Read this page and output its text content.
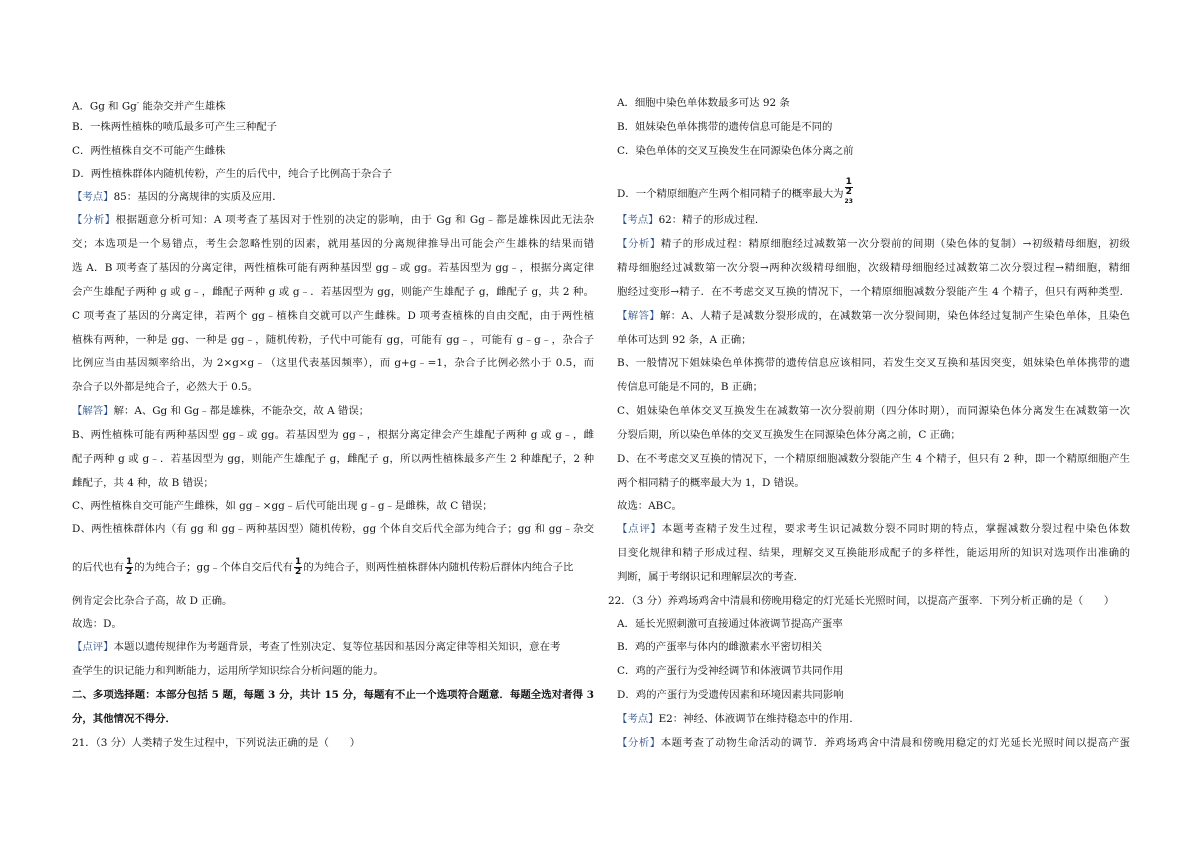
A．Gg 和 Gg- 能杂交并产生雄株
B．一株两性植株的喷瓜最多可产生三种配子
C．两性植株自交不可能产生雌株
D．两性植株群体内随机传粉，产生的后代中，纯合子比例高于杂合子
【考点】85：基因的分离规律的实质及应用．
【分析】根据题意分析可知：A 项考查了基因对于性别的决定的影响，由于 Gg 和 Gg﹣都是雄株因此无法杂
交；本选项是一个易错点，考生会忽略性别的因素，就用基因的分离规律推导出可能会产生雄株的结果而错
选 A．B 项考查了基因的分离定律，两性植株可能有两种基因型 gg﹣或 gg。若基因型为 gg﹣，根据分离定律
会产生雄配子两种 g 或 g﹣，雌配子两种 g 或 g﹣．若基因型为 gg，则能产生雄配子 g，雌配子 g，共 2 种。
C 项考查了基因的分离定律，若两个 gg﹣植株自交就可以产生雌株。D 项考查植株的自由交配，由于两性植
植株有两种，一种是 gg、一种是 gg﹣，随机传粉，子代中可能有 gg，可能有 gg﹣，可能有 g﹣g﹣，杂合子
比例应当由基因频率给出，为 2×g×g﹣（这里代表基因频率），而 g+g﹣=1，杂合子比例必然小于 0.5，而
杂合子以外都是纯合子，必然大于 0.5。
【解答】解：A、Gg 和 Gg﹣都是雄株，不能杂交，故 A 错误；
B、两性植株可能有两种基因型 gg﹣或 gg。若基因型为 gg﹣，根据分离定律会产生雄配子两种 g 或 g﹣，雌
配子两种 g 或 g﹣．若基因型为 gg，则能产生雄配子 g，雌配子 g，所以两性植株最多产生 2 种雄配子，2 种
雌配子，共 4 种，故 B 错误；
C、两性植株自交可能产生雌株，如 gg﹣×gg﹣后代可能出现 g﹣g﹣是雌株，故 C 错误；
D、两性植株群体内（有 gg 和 gg﹣两种基因型）随机传粉，gg 个体自交后代全部为纯合子；gg 和 gg﹣杂交
的后代也有 $\frac{1}{2}$ 的为纯合子；gg﹣个体自交后代有 $\frac{1}{2}$ 的为纯合子，则两性植株群体内随机传粉后群体内纯合子比
例肯定会比杂合子高，故 D 正确。
故选：D。
【点评】本题以遗传规律作为考题背景，考查了性别决定、复等位基因和基因分离定律等相关知识，意在考
查学生的识记能力和判断能力，运用所学知识综合分析问题的能力。
二、多项选择题：本部分包括 5 题，每题 3 分，共计 15 分，每题有不止一个选项符合题意．每题全选对者得 3
分，其他情况不得分．
21．（3 分）人类精子发生过程中，下列说法正确的是（　　）
A．细胞中染色单体数最多可达 92 条
B．姐妹染色单体携带的遗传信息可能是不同的
C．染色单体的交叉互换发生在同源染色体分离之前
D．一个精原细胞产生两个相同精子的概率最大为 1
2
$^{23}$
【考点】62：精子的形成过程．
【分析】精子的形成过程：精原细胞经过减数第一次分裂前的间期（染色体的复制）→初级精母细胞，初级
精母细胞经过减数第一次分裂→两种次级精母细胞，次级精母细胞经过减数第二次分裂过程→精细胞，精细
胞经过变形→精子．在不考虑交叉互换的情况下，一个精原细胞减数分裂能产生 4 个精子，但只有两种类型．
【解答】解：A、人精子是减数分裂形成的，在减数第一次分裂间期，染色体经过复制产生染色单体，且染色
单体可达到 92 条，A 正确；
B、一般情况下姐妹染色单体携带的遗传信息应该相同，若发生交叉互换和基因突变，姐妹染色单体携带的遗
传信息可能是不同的，B 正确；
C、姐妹染色单体交叉互换发生在减数第一次分裂前期（四分体时期），而同源染色体分离发生在减数第一次
分裂后期，所以染色单体的交叉互换发生在同源染色体分离之前，C 正确；
D、在不考虑交叉互换的情况下，一个精原细胞减数分裂能产生 4 个精子，但只有 2 种，即一个精原细胞产生
两个相同精子的概率最大为 1，D 错误。
故选：ABC。
【点评】本题考查精子发生过程，要求考生识记减数分裂不同时期的特点，掌握减数分裂过程中染色体数
目变化规律和精子形成过程、结果，理解交叉互换能形成配子的多样性，能运用所的知识对选项作出准确的
判断，属于考纲识记和理解层次的考查．
22．（3 分）养鸡场鸡舍中清晨和傍晚用稳定的灯光延长光照时间，以提高产蛋率．下列分析正确的是（　　）
A．延长光照刺激可直接通过体液调节提高产蛋率
B．鸡的产蛋率与体内的雌激素水平密切相关
C．鸡的产蛋行为受神经调节和体液调节共同作用
D．鸡的产蛋行为受遗传因素和环境因素共同影响
【考点】E2：神经、体液调节在维持稳态中的作用．
【分析】本题考查了动物生命活动的调节．养鸡场鸡舍中清晨和傍晚用稳定的灯光延长光照时间以提高产蛋
